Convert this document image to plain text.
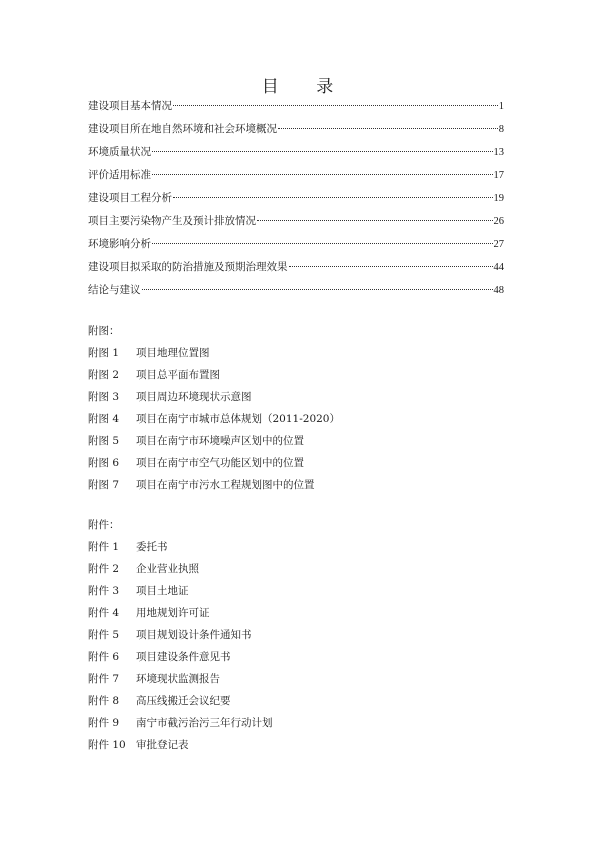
目 录
建设项目基本情况	1
建设项目所在地自然环境和社会环境概况	8
环境质量状况	13
评价适用标准	17
建设项目工程分析	19
项目主要污染物产生及预计排放情况	26
环境影响分析	27
建设项目拟采取的防治措施及预期治理效果	44
结论与建议	48
附图：
附图 1	项目地理位置图
附图 2	项目总平面布置图
附图 3	项目周边环境现状示意图
附图 4	项目在南宁市城市总体规划（2011-2020）
附图 5	项目在南宁市环境噪声区划中的位置
附图 6	项目在南宁市空气功能区划中的位置
附图 7	项目在南宁市污水工程规划图中的位置
附件：
附件 1	委托书
附件 2	企业营业执照
附件 3	项目土地证
附件 4	用地规划许可证
附件 5	项目规划设计条件通知书
附件 6	项目建设条件意见书
附件 7	环境现状监测报告
附件 8	高压线搬迁会议纪要
附件 9	南宁市截污治污三年行动计划
附件 10 审批登记表
